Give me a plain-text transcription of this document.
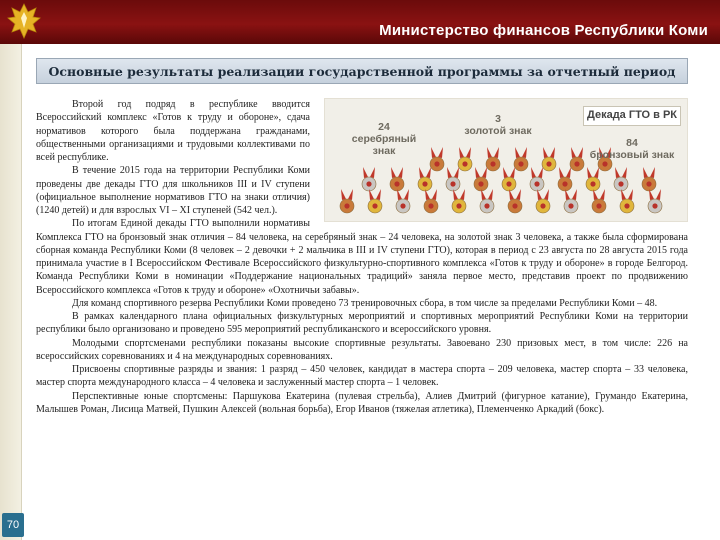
Министерство финансов Республики Коми
Основные результаты реализации государственной программы за отчетный период
Декада ГТО в РК
24
серебряный знак
3
золотой знак
84
бронзовый знак

Второй год подряд в республике вводится Всероссийский комплекс «Готов к труду и обороне», сдача нормативов которого была поддержана гражданами, общественными организациями и трудовыми коллективами по всей республике.

В течение 2015 года на территории Республики Коми проведены две декады ГТО для школьников III и IV ступени (официальное выполнение нормативов ГТО на знаки отличия) (1240 детей) и для взрослых VI – XI ступеней (542 чел.).

По итогам Единой декады ГТО выполнили нормативы Комплекса ГТО на бронзовый знак отличия – 84 человека, на серебряный знак – 24 человека, на золотой знак 3 человека, а также была сформирована сборная команда Республики Коми (8 человек – 2 девочки + 2 мальчика в III и IV ступени ГТО), которая в период с 23 августа по 28 августа 2015 года принимала участие в I Всероссийском Фестивале Всероссийского физкультурно-спортивного комплекса «Готов к труду и обороне» в городе Белгород. Команда Республики Коми в номинации «Поддержание национальных традиций» заняла первое место, представив проект по продвижению Всероссийского комплекса «Готов к труду и обороне» «Охотничьи забавы».

Для команд спортивного резерва Республики Коми проведено 73 тренировочных сбора, в том числе за пределами Республики Коми – 48.

В рамках календарного плана официальных физкультурных мероприятий и спортивных мероприятий Республики Коми на территории республики было организовано и проведено 595 мероприятий республиканского и всероссийского уровня.

Молодыми спортсменами республики показаны высокие спортивные результаты. Завоевано 230 призовых мест, в том числе: 226 на всероссийских соревнованиях и 4 на международных соревнованиях.

Присвоены спортивные разряды и звания: 1 разряд – 450 человек, кандидат в мастера спорта – 209 человека, мастер спорта – 33 человека, мастер спорта международного класса – 4 человека и заслуженный мастер спорта – 1 человек.

Перспективные юные спортсмены: Паршукова Екатерина (пулевая стрельба), Алиев Дмитрий (фигурное катание), Грумандо Екатерина, Малышев Роман, Лисица Матвей, Пушкин Алексей (вольная борьба), Егор Иванов (тяжелая атлетика), Племенченко Аркадий (бокс).

70
